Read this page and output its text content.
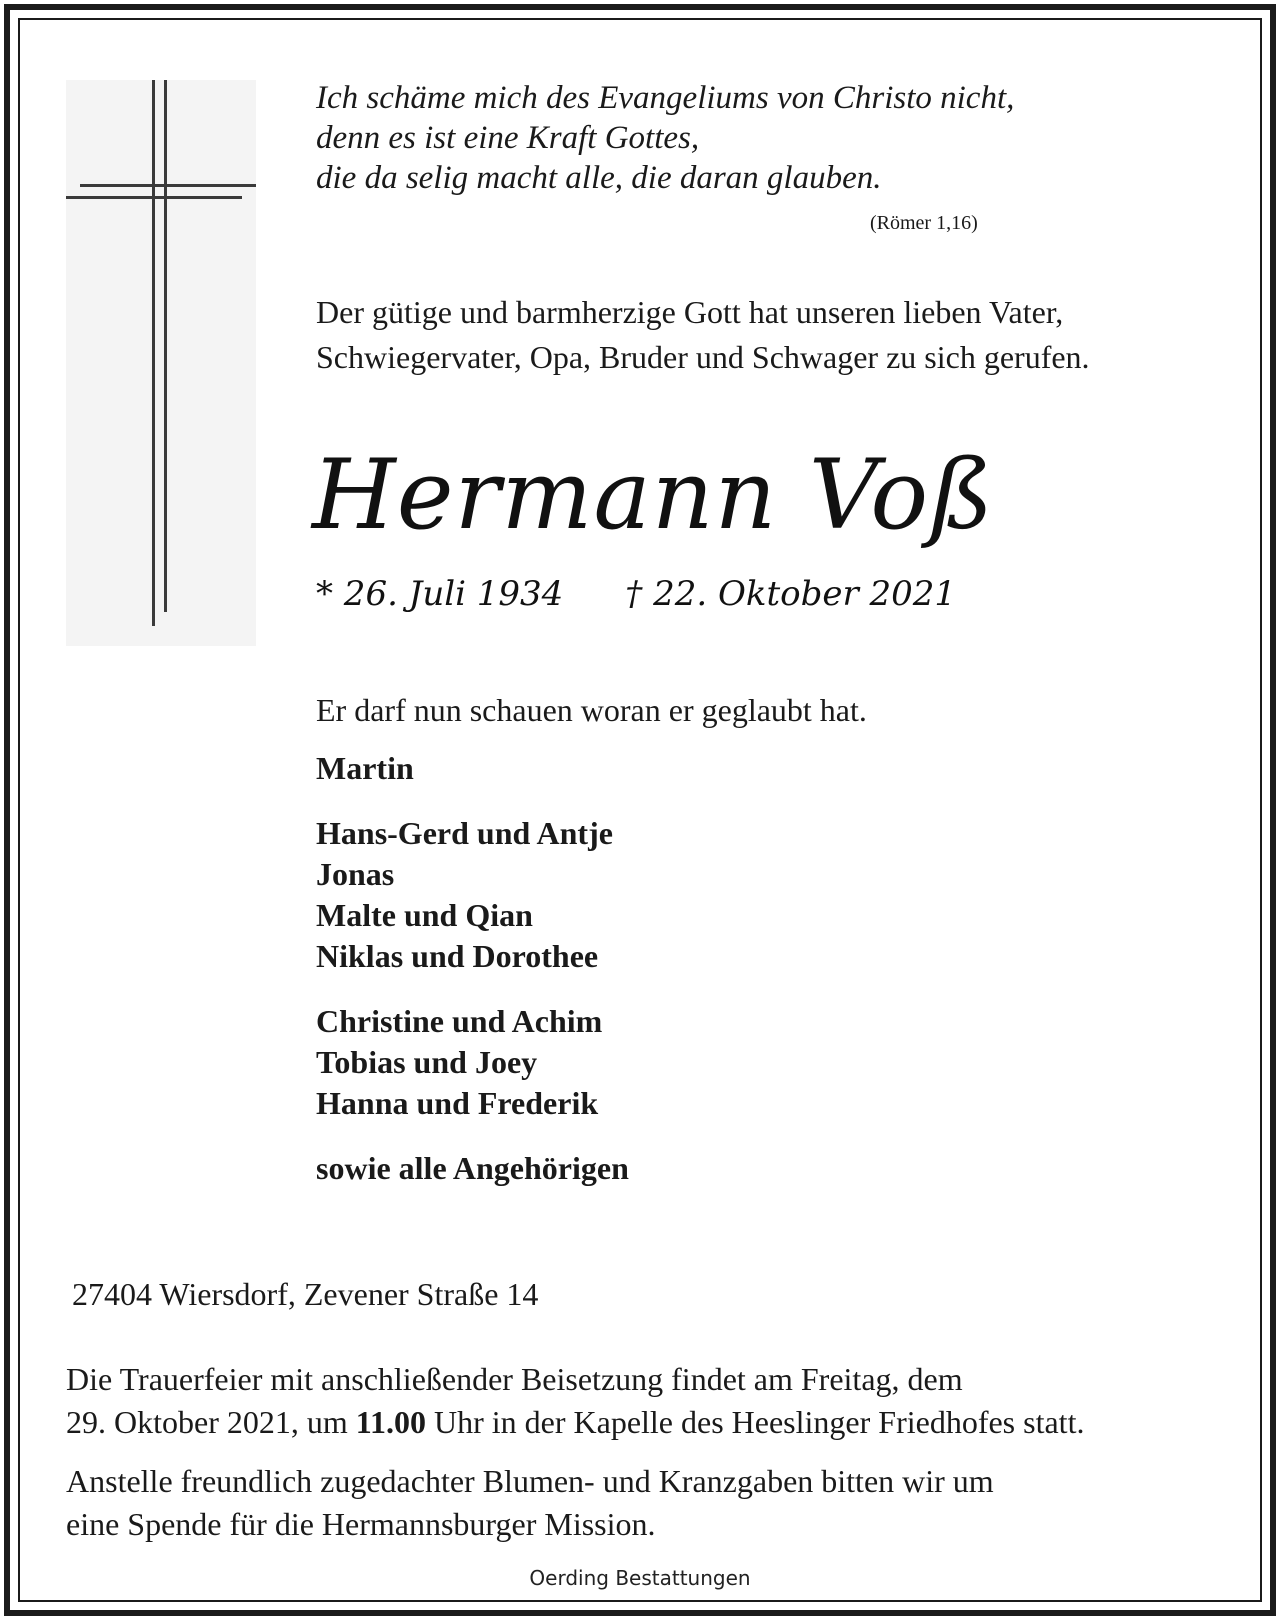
Ich schäme mich des Evangeliums von Christo nicht,
denn es ist eine Kraft Gottes,
die da selig macht alle, die daran glauben.
(Römer 1,16)
Der gütige und barmherzige Gott hat unseren lieben Vater,
Schwiegervater, Opa, Bruder und Schwager zu sich gerufen.
Hermann Voß
* 26. Juli 1934 † 22. Oktober 2021
Er darf nun schauen woran er geglaubt hat.
Martin
Hans-Gerd und Antje
Jonas
Malte und Qian
Niklas und Dorothee
Christine und Achim
Tobias und Joey
Hanna und Frederik
sowie alle Angehörigen
27404 Wiersdorf, Zevener Straße 14
Die Trauerfeier mit anschließender Beisetzung findet am Freitag, dem
29. Oktober 2021, um 11.00 Uhr in der Kapelle des Heeslinger Friedhofes statt.
Anstelle freundlich zugedachter Blumen- und Kranzgaben bitten wir um
eine Spende für die Hermannsburger Mission.
Oerding Bestattungen
